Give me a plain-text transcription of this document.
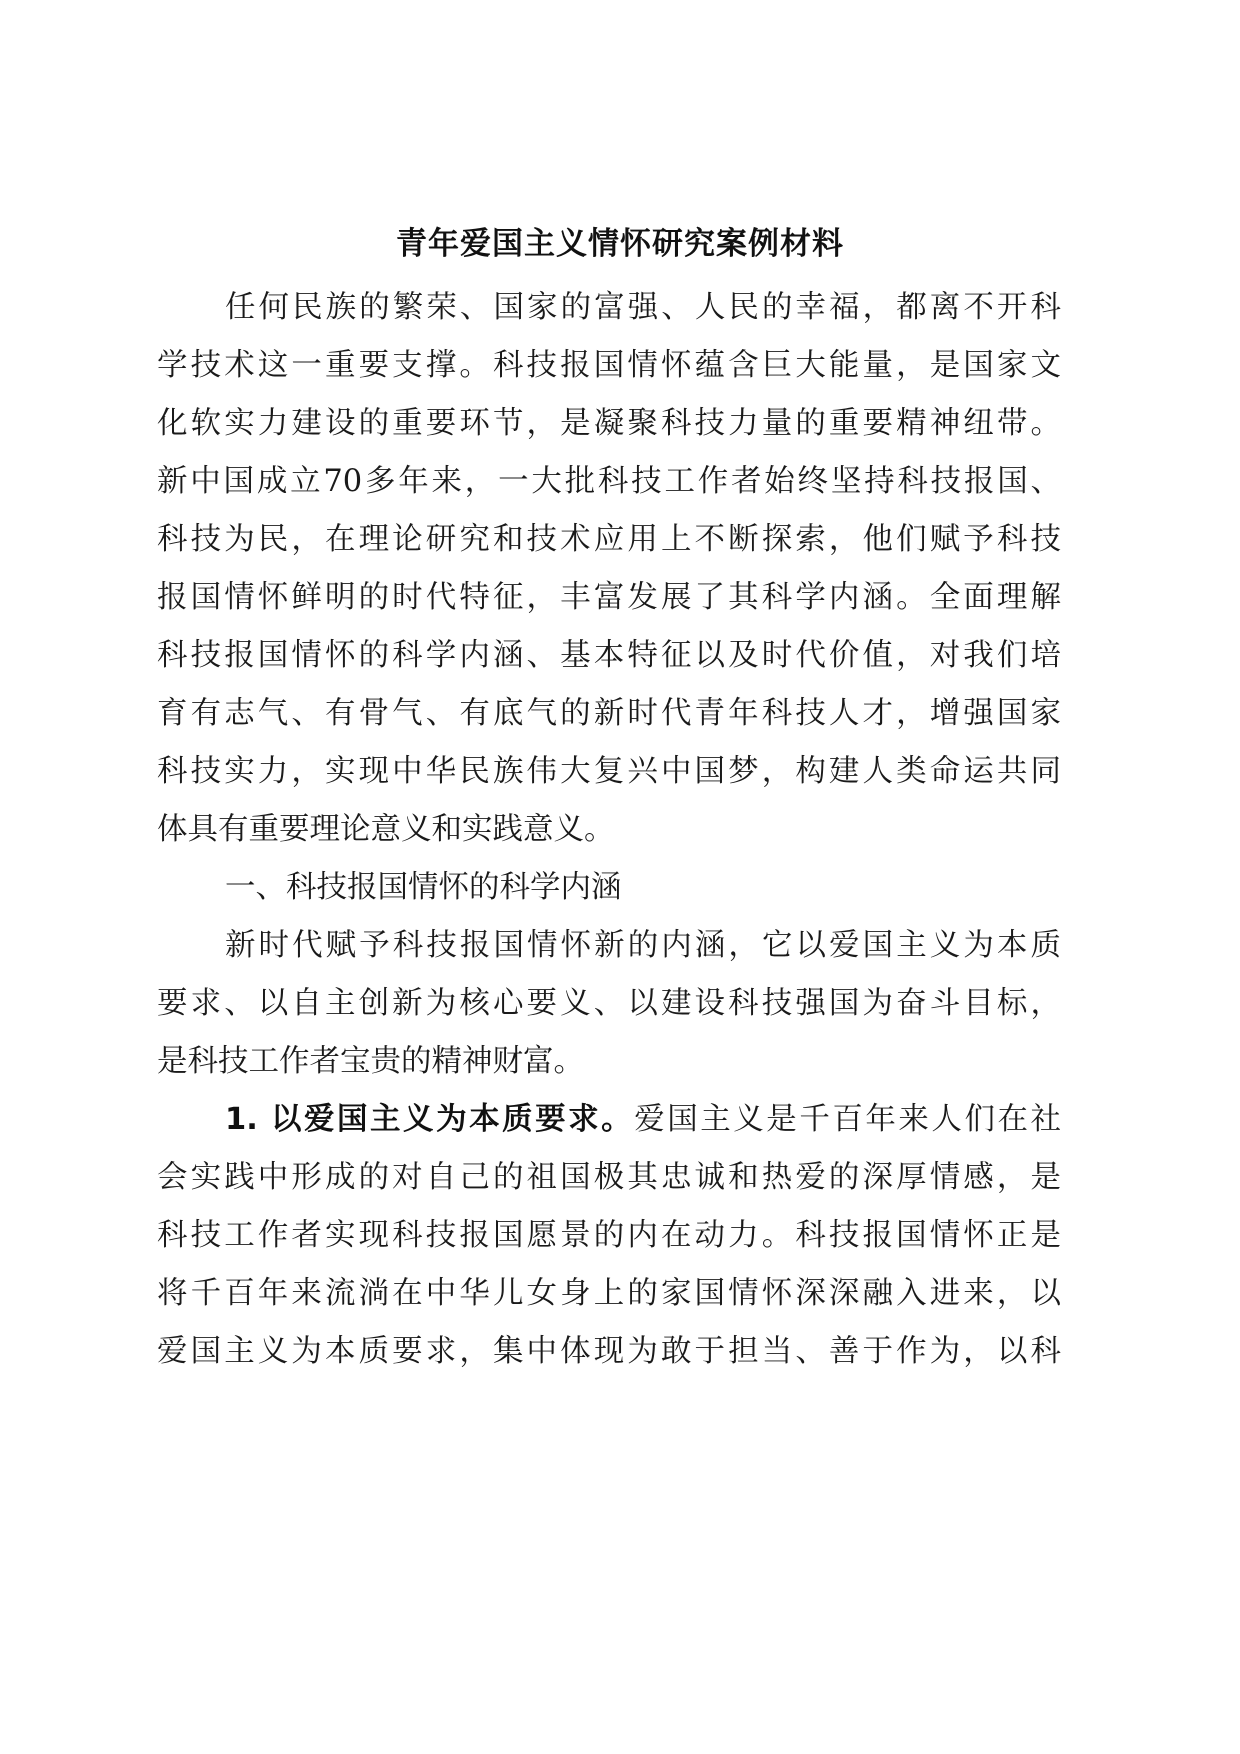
青年爱国主义情怀研究案例材料
任何民族的繁荣、国家的富强、人民的幸福，都离不开科
学技术这一重要支撑。科技报国情怀蕴含巨大能量，是国家文
化软实力建设的重要环节，是凝聚科技力量的重要精神纽带。
新中国成立70多年来，一大批科技工作者始终坚持科技报国、
科技为民，在理论研究和技术应用上不断探索，他们赋予科技
报国情怀鲜明的时代特征，丰富发展了其科学内涵。全面理解
科技报国情怀的科学内涵、基本特征以及时代价值，对我们培
育有志气、有骨气、有底气的新时代青年科技人才，增强国家
科技实力，实现中华民族伟大复兴中国梦，构建人类命运共同
体具有重要理论意义和实践意义。
一、科技报国情怀的科学内涵
新时代赋予科技报国情怀新的内涵，它以爱国主义为本质
要求、以自主创新为核心要义、以建设科技强国为奋斗目标，
是科技工作者宝贵的精神财富。
1. 以爱国主义为本质要求。爱国主义是千百年来人们在社
会实践中形成的对自己的祖国极其忠诚和热爱的深厚情感，是
科技工作者实现科技报国愿景的内在动力。科技报国情怀正是
将千百年来流淌在中华儿女身上的家国情怀深深融入进来，以
爱国主义为本质要求，集中体现为敢于担当、善于作为，以科
